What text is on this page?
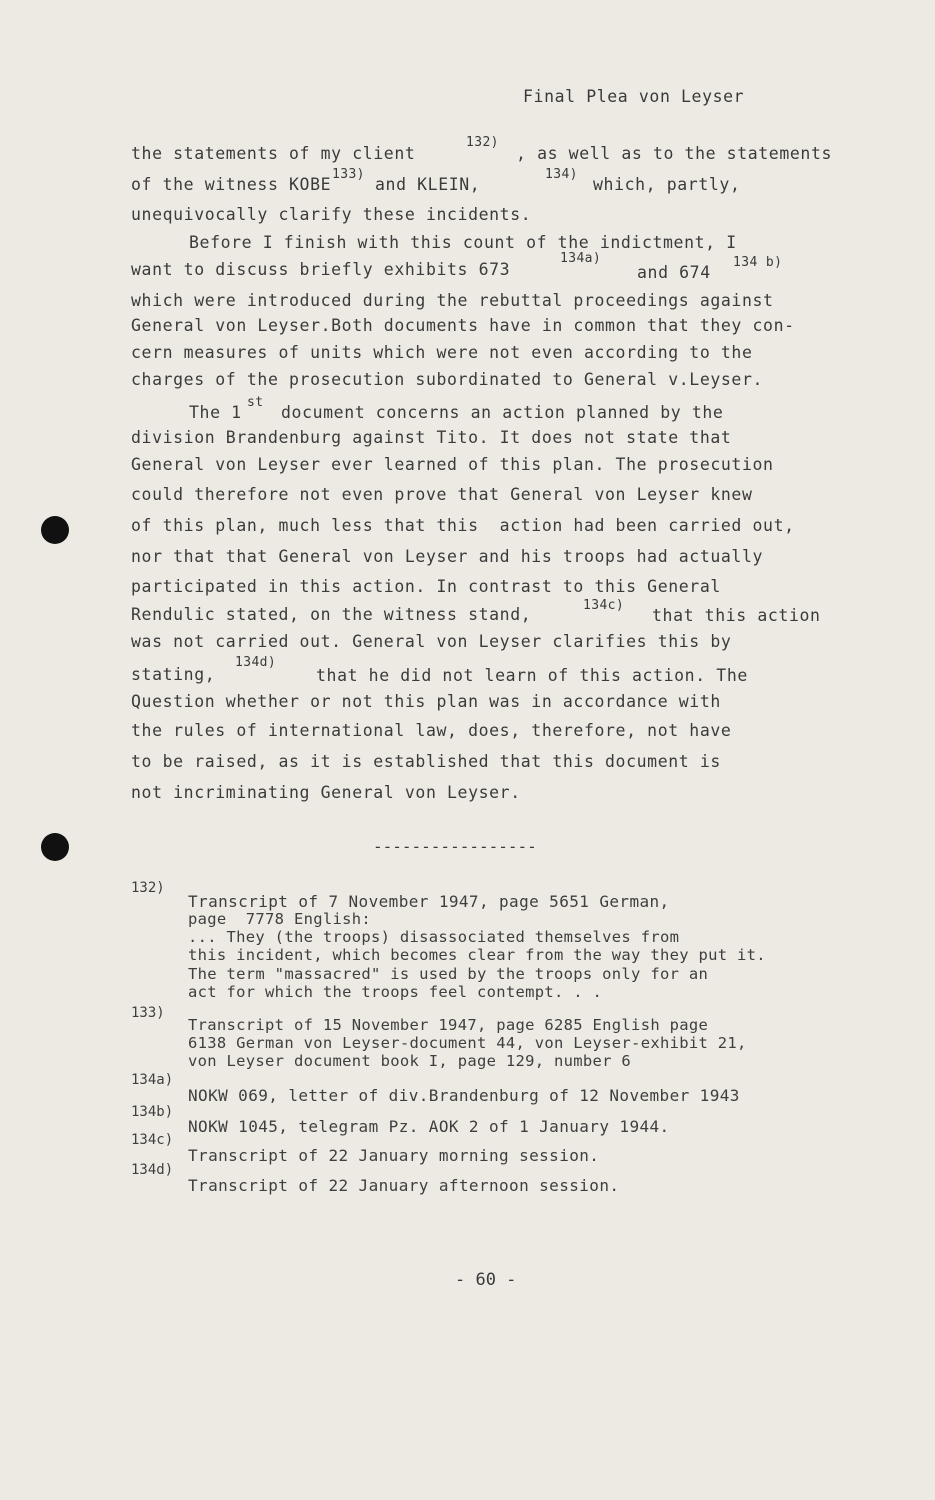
Final Plea von Leyser
the statements of my client
132)
, as well as to the statements
of the witness KOBE
133)
and KLEIN,
134)
which, partly,
unequivocally clarify these incidents.
Before I finish with this count of the indictment, I
want to discuss briefly exhibits 673
134a)
and 674
134 b)
which were introduced during the rebuttal proceedings against
General von Leyser.Both documents have in common that they con-
cern measures of units which were not even according to the
charges of the prosecution subordinated to General v.Leyser.
The 1
st
document concerns an action planned by the
division Brandenburg against Tito. It does not state that
General von Leyser ever learned of this plan. The prosecution
could therefore not even prove that General von Leyser knew
of this plan, much less that this  action had been carried out,
nor that that General von Leyser and his troops had actually
participated in this action. In contrast to this General
Rendulic stated, on the witness stand,	134c)
that this action
was not carried out. General von Leyser clarifies this by
stating,
134d)
that he did not learn of this action. The
Question whether or not this plan was in accordance with
the rules of international law, does, therefore, not have
to be raised, as it is established that this document is
not incriminating General von Leyser.
-----------------
132)
Transcript of 7 November 1947, page 5651 German,
page  7778 English:
... They (the troops) disassociated themselves from
this incident, which becomes clear from the way they put it.
The term "massacred" is used by the troops only for an
act for which the troops feel contempt. . .
133)
Transcript of 15 November 1947, page 6285 English page
6138 German von Leyser-document 44, von Leyser-exhibit 21,
von Leyser document book I, page 129, number 6
134a)
NOKW 069, letter of div.Brandenburg of 12 November 1943
134b)
NOKW 1045, telegram Pz. AOK 2 of 1 January 1944.
134c)
Transcript of 22 January morning session.
134d)
Transcript of 22 January afternoon session.
- 60 -
